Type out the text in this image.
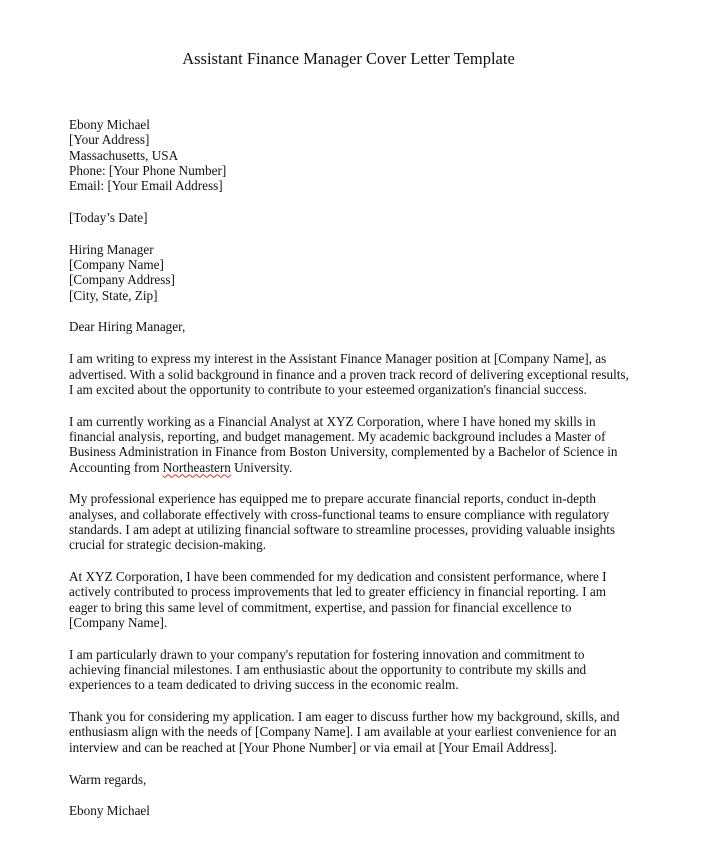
Assistant Finance Manager Cover Letter Template
Ebony Michael
[Your Address]
Massachusetts, USA
Phone: [Your Phone Number]
Email: [Your Email Address]
[Today’s Date]
Hiring Manager
[Company Name]
[Company Address]
[City, State, Zip]
Dear Hiring Manager,
I am writing to express my interest in the Assistant Finance Manager position at [Company Name], as
advertised. With a solid background in finance and a proven track record of delivering exceptional results,
I am excited about the opportunity to contribute to your esteemed organization's financial success.
I am currently working as a Financial Analyst at XYZ Corporation, where I have honed my skills in
financial analysis, reporting, and budget management. My academic background includes a Master of
Business Administration in Finance from Boston University, complemented by a Bachelor of Science in
Accounting from Northeastern University.
My professional experience has equipped me to prepare accurate financial reports, conduct in-depth
analyses, and collaborate effectively with cross-functional teams to ensure compliance with regulatory
standards. I am adept at utilizing financial software to streamline processes, providing valuable insights
crucial for strategic decision-making.
At XYZ Corporation, I have been commended for my dedication and consistent performance, where I
actively contributed to process improvements that led to greater efficiency in financial reporting. I am
eager to bring this same level of commitment, expertise, and passion for financial excellence to
[Company Name].
I am particularly drawn to your company's reputation for fostering innovation and commitment to
achieving financial milestones. I am enthusiastic about the opportunity to contribute my skills and
experiences to a team dedicated to driving success in the economic realm.
Thank you for considering my application. I am eager to discuss further how my background, skills, and
enthusiasm align with the needs of [Company Name]. I am available at your earliest convenience for an
interview and can be reached at [Your Phone Number] or via email at [Your Email Address].
Warm regards,
Ebony Michael
